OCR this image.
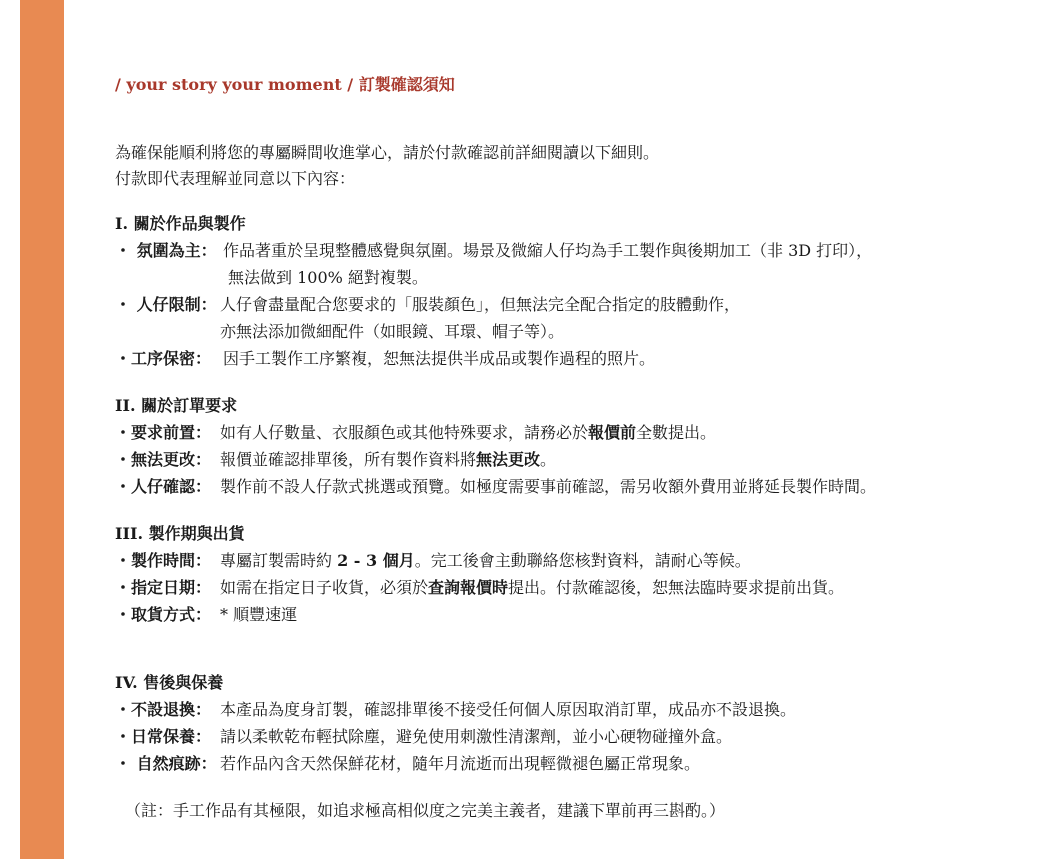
/ your story your moment / 訂製確認須知
為確保能順利將您的專屬瞬間收進掌心，請於付款確認前詳細閱讀以下細則。
付款即代表理解並同意以下內容：
I. 關於作品與製作
・ 氛圍為主： 作品著重於呈現整體感覺與氛圍。場景及微縮人仔均為手工製作與後期加工（非 3D 打印），
無法做到 100% 絕對複製。
・ 人仔限制： 人仔會盡量配合您要求的「服裝顏色」，但無法完全配合指定的肢體動作，
亦無法添加微細配件（如眼鏡、耳環、帽子等）。
・工序保密： 因手工製作工序繁複，恕無法提供半成品或製作過程的照片。
II. 關於訂單要求
・要求前置： 如有人仔數量、衣服顏色或其他特殊要求，請務必於報價前全數提出。
・無法更改： 報價並確認排單後，所有製作資料將無法更改。
・人仔確認： 製作前不設人仔款式挑選或預覽。如極度需要事前確認，需另收額外費用並將延長製作時間。
III. 製作期與出貨
・製作時間： 專屬訂製需時約 2 - 3 個月。完工後會主動聯絡您核對資料，請耐心等候。
・指定日期： 如需在指定日子收貨，必須於查詢報價時提出。付款確認後，恕無法臨時要求提前出貨。
・取貨方式： * 順豐速運
IV. 售後與保養
・不設退換： 本產品為度身訂製，確認排單後不接受任何個人原因取消訂單，成品亦不設退換。
・日常保養： 請以柔軟乾布輕拭除塵，避免使用刺激性清潔劑，並小心硬物碰撞外盒。
・ 自然痕跡： 若作品內含天然保鮮花材，隨年月流逝而出現輕微褪色屬正常現象。
（註：手工作品有其極限，如追求極高相似度之完美主義者，建議下單前再三斟酌。）
